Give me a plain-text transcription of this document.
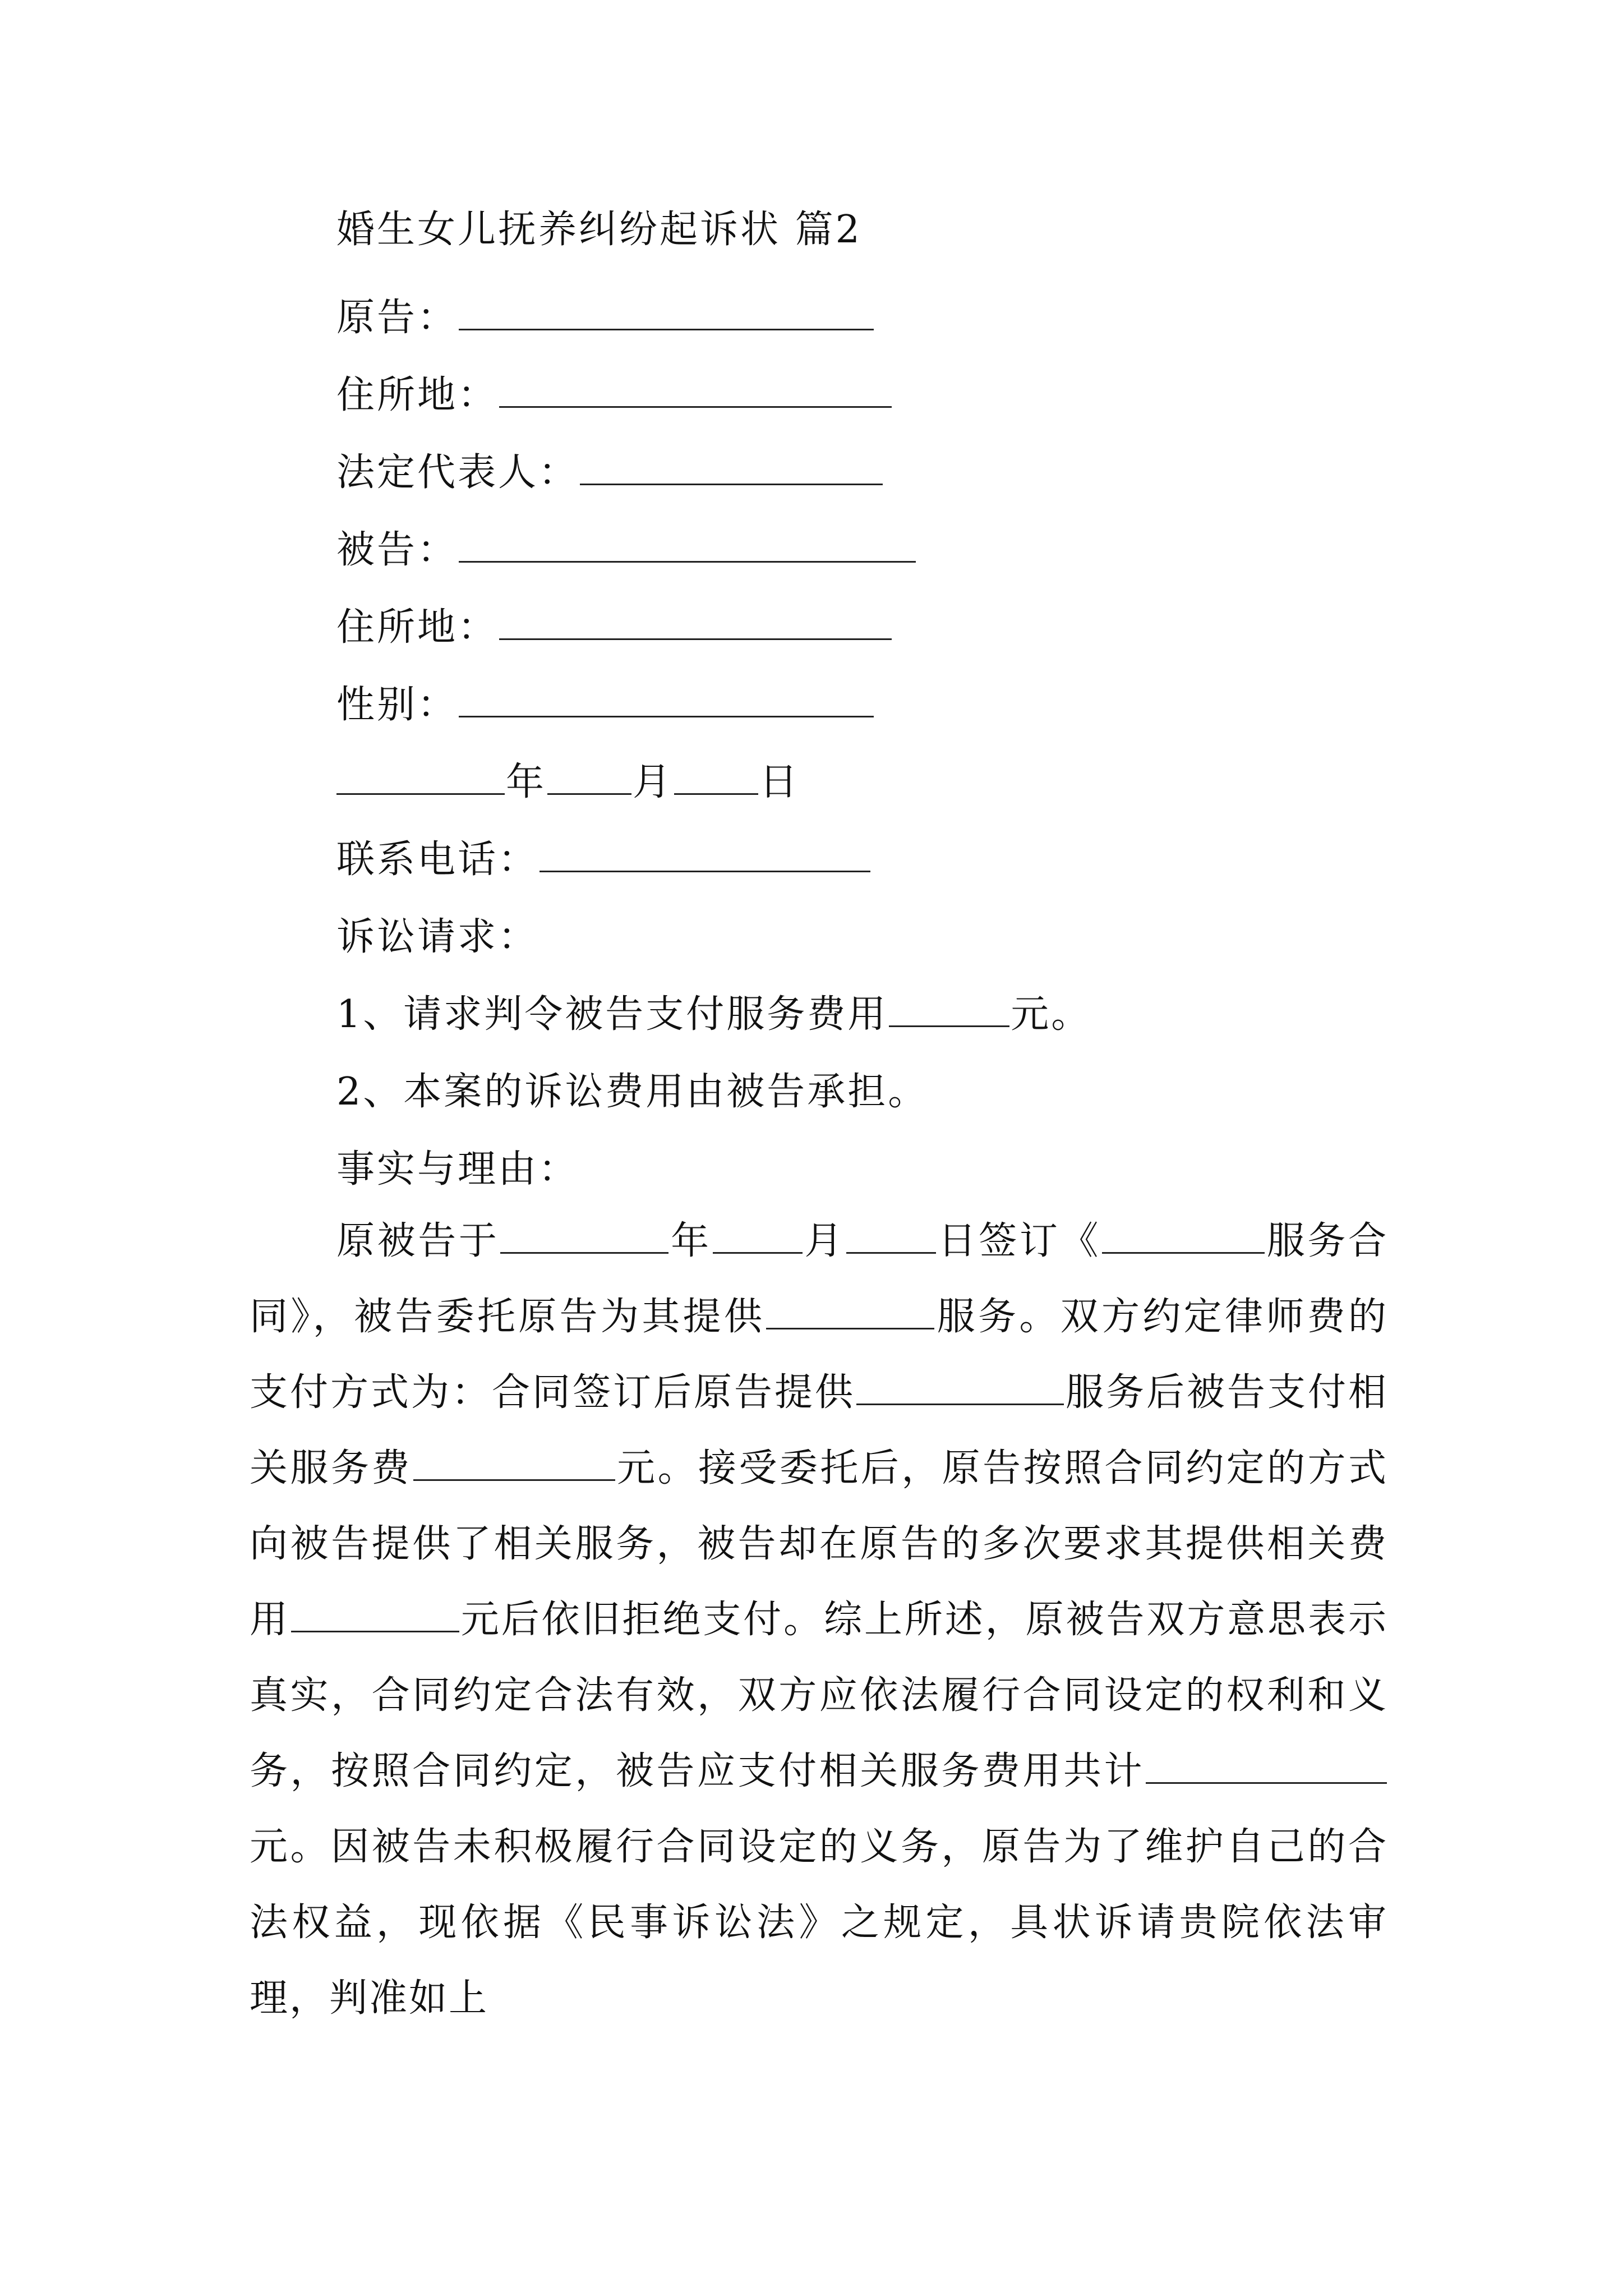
婚生女儿抚养纠纷起诉状 篇2
原告：
住所地：
法定代表人：
被告：
住所地：
性别：
年 月 日
联系电话：
诉讼请求：
1、请求判令被告支付服务费用	元。
2、本案的诉讼费用由被告承担。
事实与理由：
原被告于	年 月 日签订《	服务合同》，被告委托原告为其提供	服务。双方约定律师费的支付方式为：合同签订后原告提供	服务后被告支付相关服务费	元。接受委托后，原告按照合同约定的方式向被告提供了相关服务，被告却在原告的多次要求其提供相关费用	元后依旧拒绝支付。综上所述，原被告双方意思表示真实，合同约定合法有效，双方应依法履行合同设定的权利和义务，按照合同约定，被告应支付相关服务费用共计元。因被告未积极履行合同设定的义务，原告为了维护自己的合法权益，现依据《民事诉讼法》之规定，具状诉请贵院依法审理，判准如上
